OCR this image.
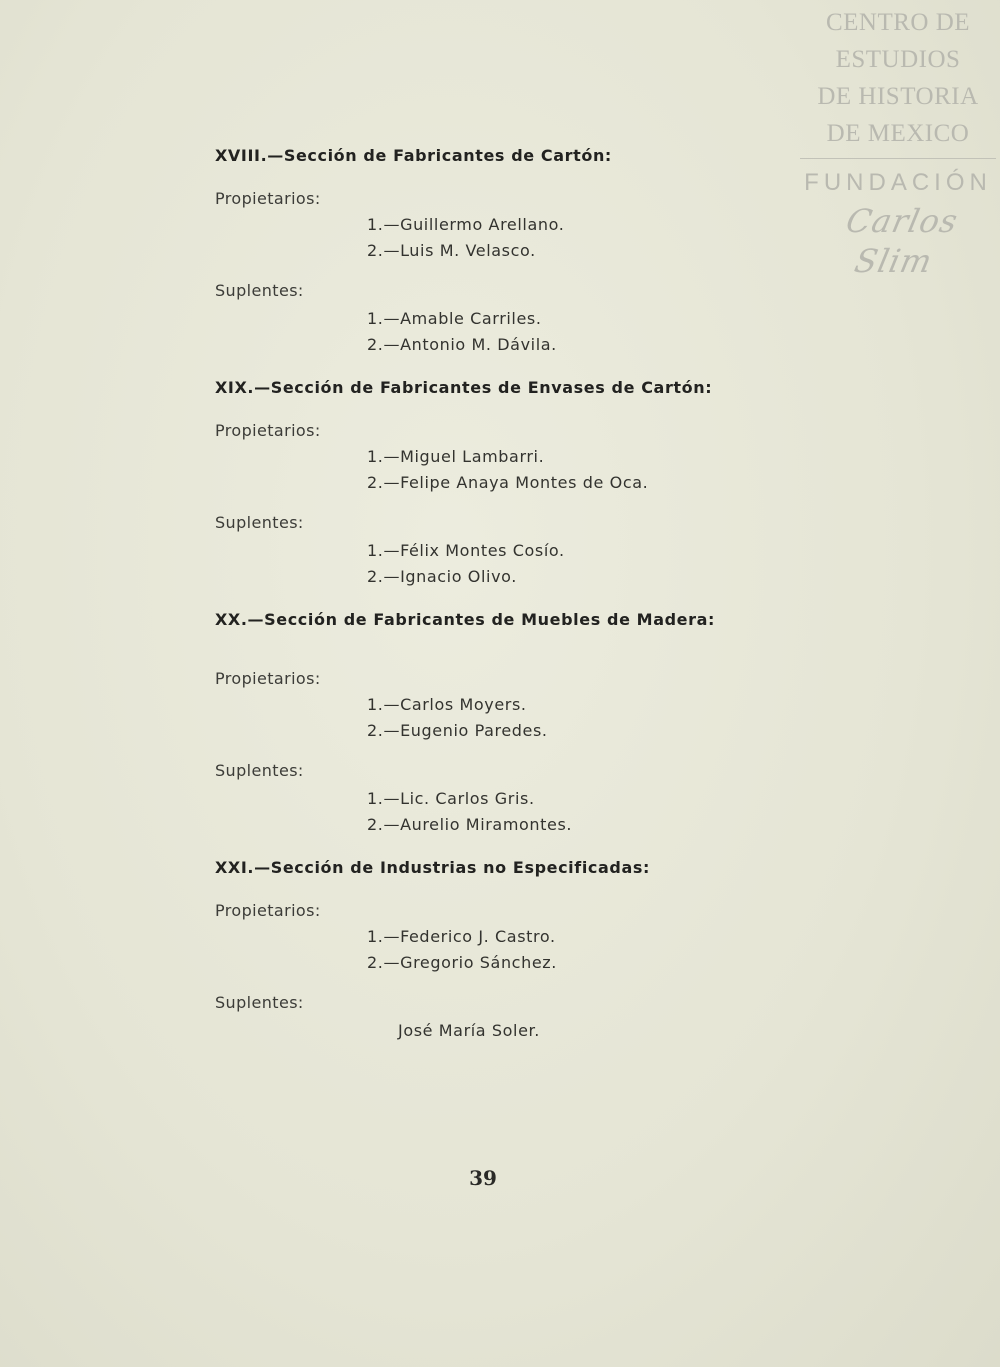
CENTRO DE
ESTUDIOS
DE HISTORIA
DE MEXICO
FUNDACIÓN
Carlos Slim
XVIII.—Sección de Fabricantes de Cartón:
Propietarios:
1.—Guillermo Arellano.
2.—Luis M. Velasco.
Suplentes:
1.—Amable Carriles.
2.—Antonio M. Dávila.
XIX.—Sección de Fabricantes de Envases de Cartón:
Propietarios:
1.—Miguel Lambarri.
2.—Felipe Anaya Montes de Oca.
Suplentes:
1.—Félix Montes Cosío.
2.—Ignacio Olivo.
XX.—Sección de Fabricantes de Muebles de Madera:
Propietarios:
1.—Carlos Moyers.
2.—Eugenio Paredes.
Suplentes:
1.—Lic. Carlos Gris.
2.—Aurelio Miramontes.
XXI.—Sección de Industrias no Especificadas:
Propietarios:
1.—Federico J. Castro.
2.—Gregorio Sánchez.
Suplentes:
José María Soler.
39
